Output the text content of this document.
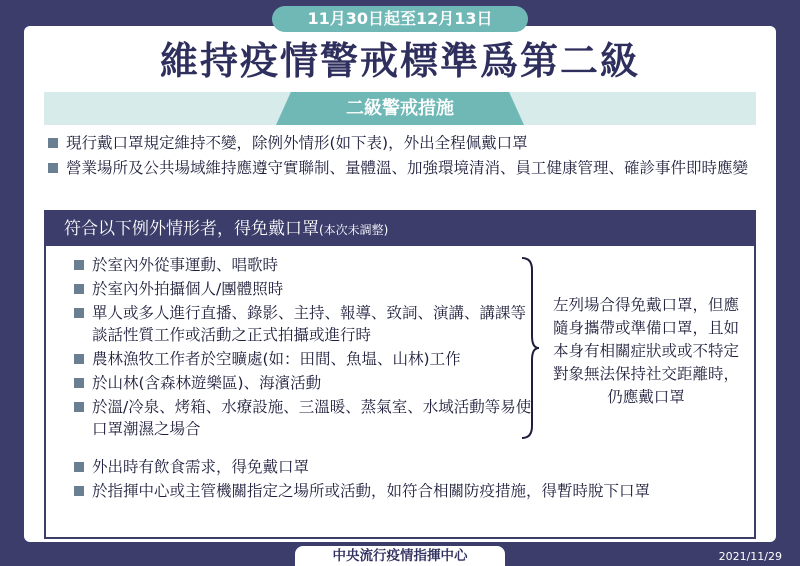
11月30日起至12月13日
維持疫情警戒標準爲第二級
二級警戒措施
現行戴口罩規定維持不變，除例外情形(如下表)，外出全程佩戴口罩
營業場所及公共場域維持應遵守實聯制、量體溫、加強環境清消、員工健康管理、確診事件即時應變
符合以下例外情形者，得免戴口罩(本次未調整)
於室內外從事運動、唱歌時
於室內外拍攝個人/團體照時
單人或多人進行直播、錄影、主持、報導、致詞、演講、講課等談話性質工作或活動之正式拍攝或進行時
農林漁牧工作者於空曠處(如：田間、魚塭、山林)工作
於山林(含森林遊樂區)、海濱活動
於溫/冷泉、烤箱、水療設施、三溫暖、蒸氣室、水域活動等易使口罩潮濕之場合
左列場合得免戴口罩，但應隨身攜帶或準備口罩，且如本身有相關症狀或或不特定對象無法保持社交距離時，仍應戴口罩
外出時有飲食需求，得免戴口罩
於指揮中心或主管機關指定之場所或活動，如符合相關防疫措施，得暫時脫下口罩
中央流行疫情指揮中心	2021/11/29
